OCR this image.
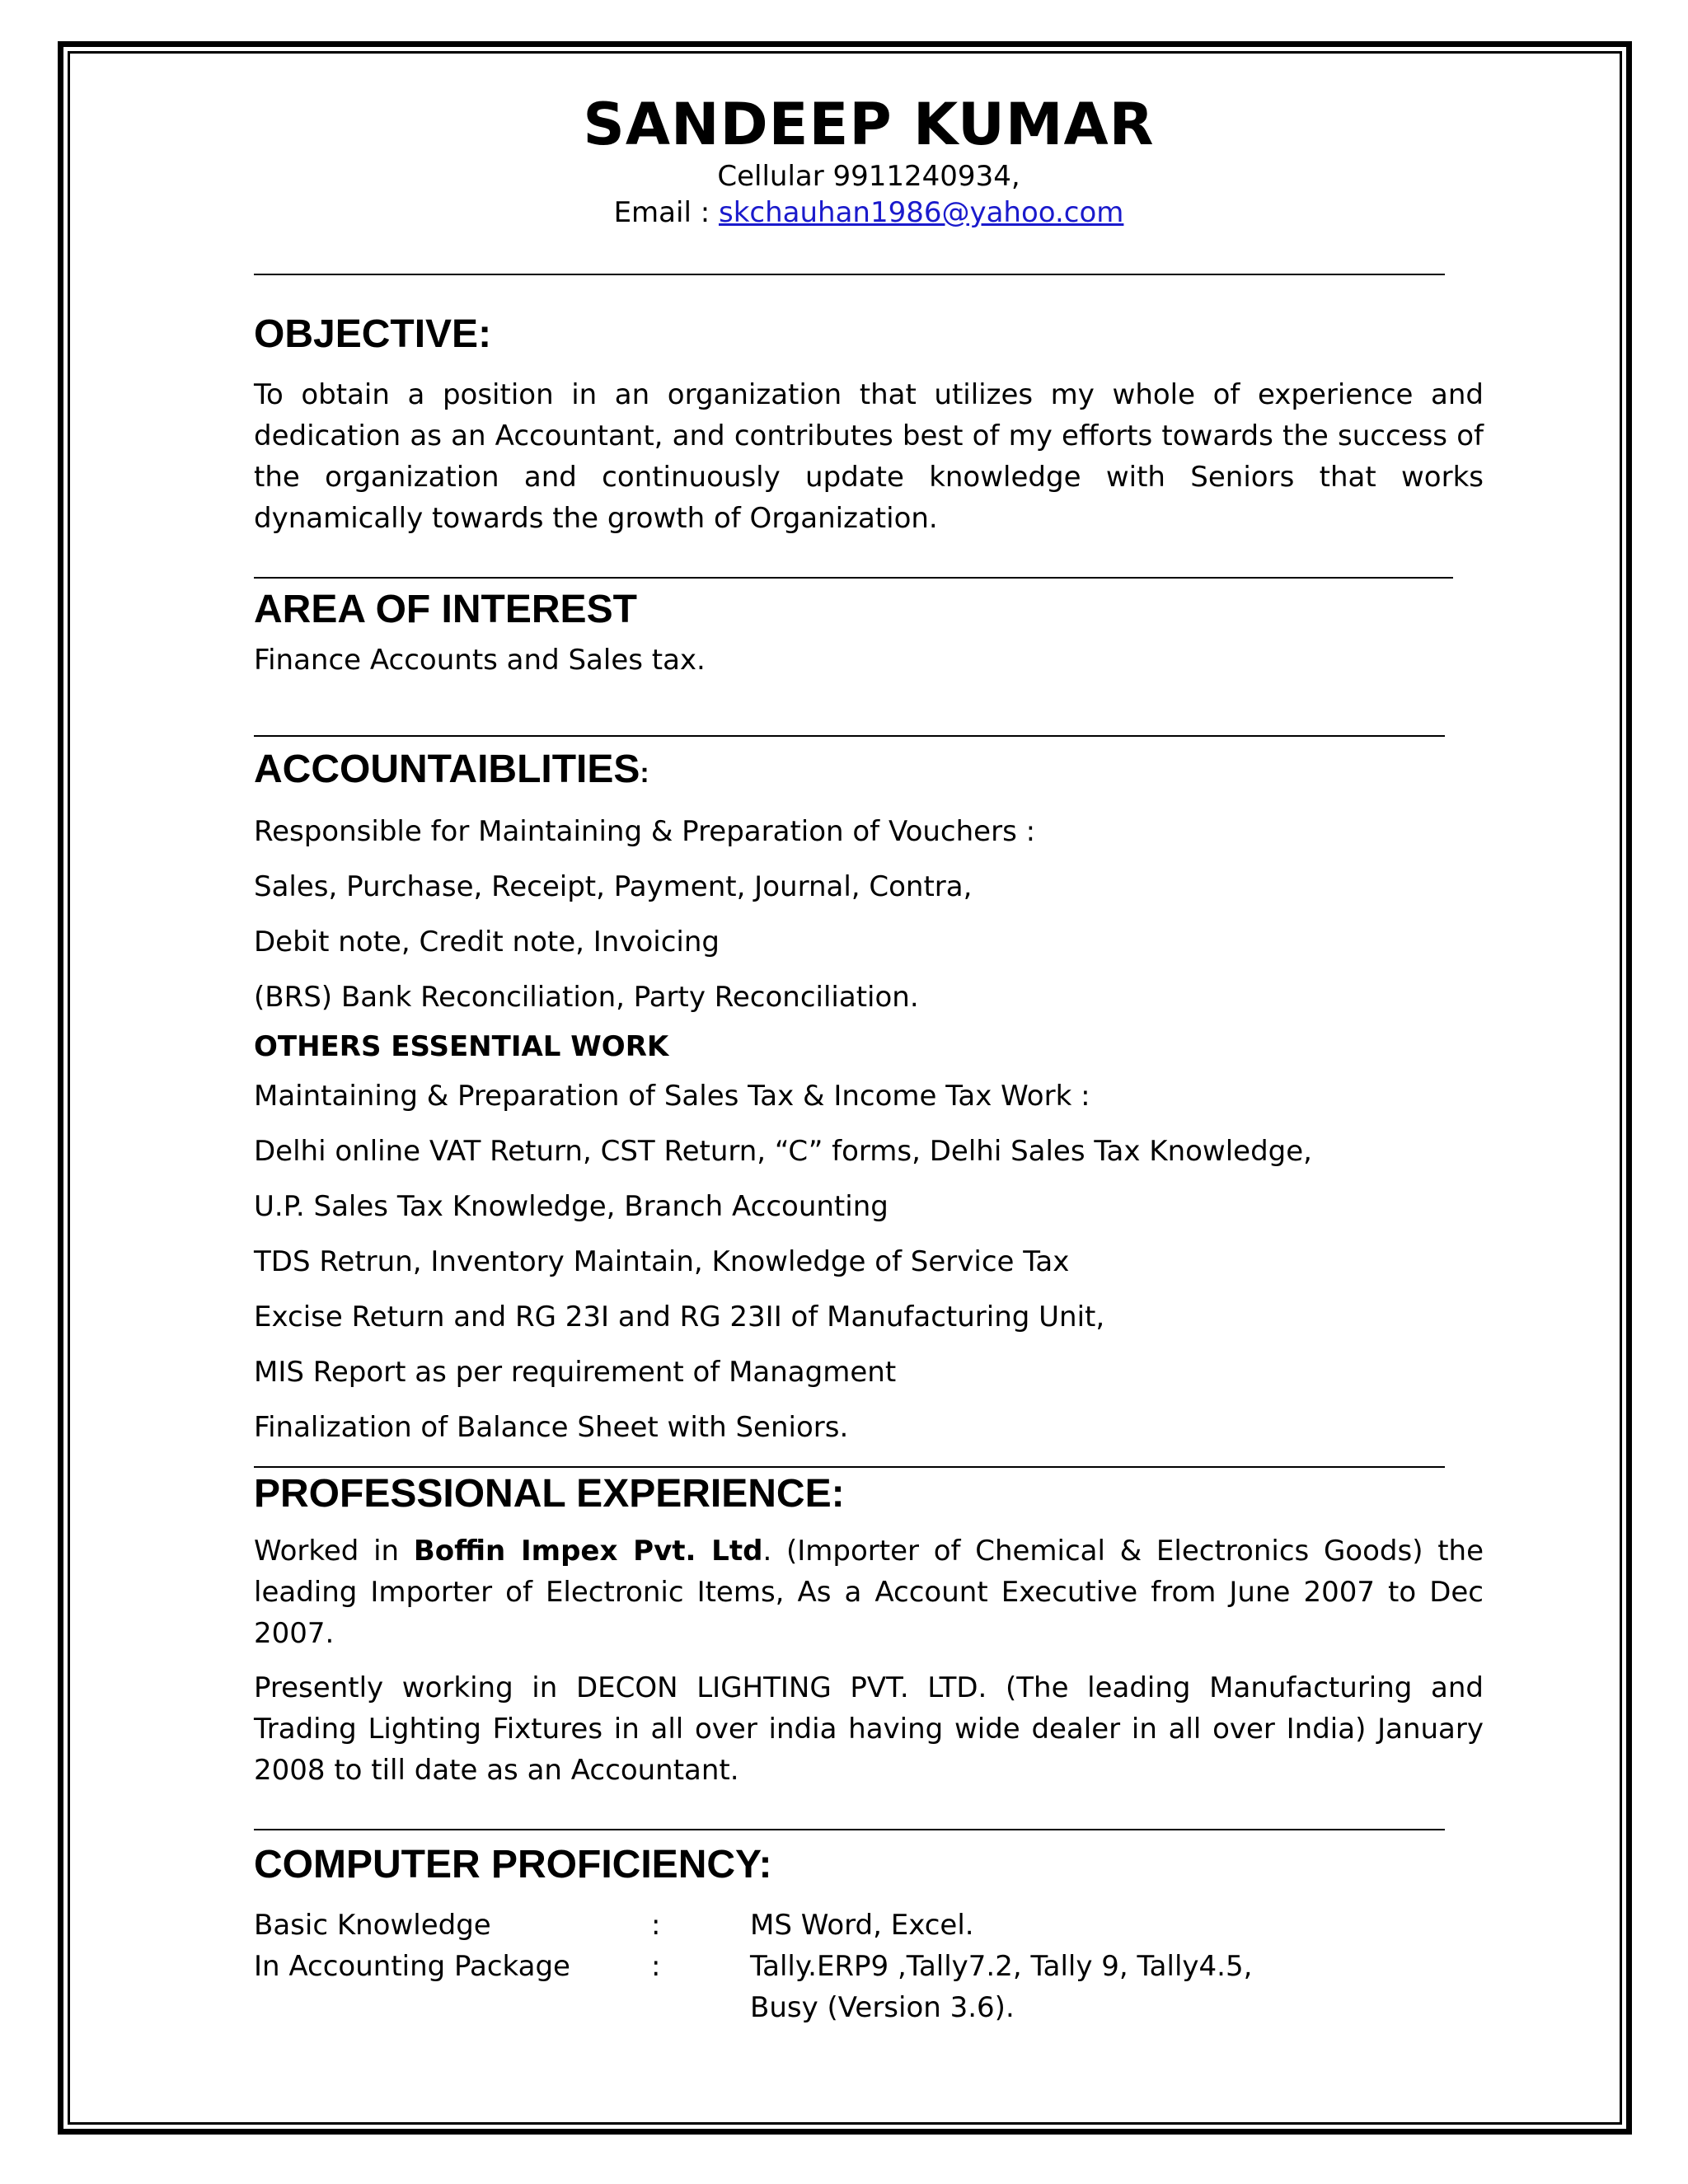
SANDEEP KUMAR
Cellular 9911240934,
Email : skchauhan1986@yahoo.com
OBJECTIVE:

To obtain a position in an organization that utilizes my whole of experience and dedication as an Accountant, and contributes best of my efforts towards the success of the organization and continuously update knowledge with Seniors that works dynamically towards the growth of Organization.

AREA OF INTEREST

Finance Accounts and Sales tax.

ACCOUNTAIBLITIES:

Responsible for Maintaining & Preparation of Vouchers :

Sales, Purchase, Receipt, Payment, Journal, Contra,

Debit note, Credit note, Invoicing

(BRS) Bank Reconciliation, Party Reconciliation.

OTHERS ESSENTIAL WORK

Maintaining & Preparation of Sales Tax & Income Tax Work :

Delhi online VAT Return, CST Return, “C” forms, Delhi Sales Tax Knowledge,

U.P. Sales Tax Knowledge, Branch Accounting

TDS Retrun, Inventory Maintain, Knowledge of Service Tax

Excise Return and RG 23I and RG 23II of Manufacturing Unit,

MIS Report as per requirement of Managment

Finalization of Balance Sheet with Seniors.

PROFESSIONAL EXPERIENCE:

Worked in Boffin Impex Pvt. Ltd. (Importer of Chemical & Electronics Goods) the leading Importer of Electronic Items, As a Account Executive from June 2007 to Dec 2007.

Presently working in DECON LIGHTING PVT. LTD. (The leading Manufacturing and Trading Lighting Fixtures in all over india having wide dealer in all over India) January 2008 to till date as an Accountant.

COMPUTER PROFICIENCY:
Basic Knowledge	:	MS Word, Excel.
In Accounting Package	:	Tally.ERP9 ,Tally7.2, Tally 9, Tally4.5,
		Busy (Version 3.6).
